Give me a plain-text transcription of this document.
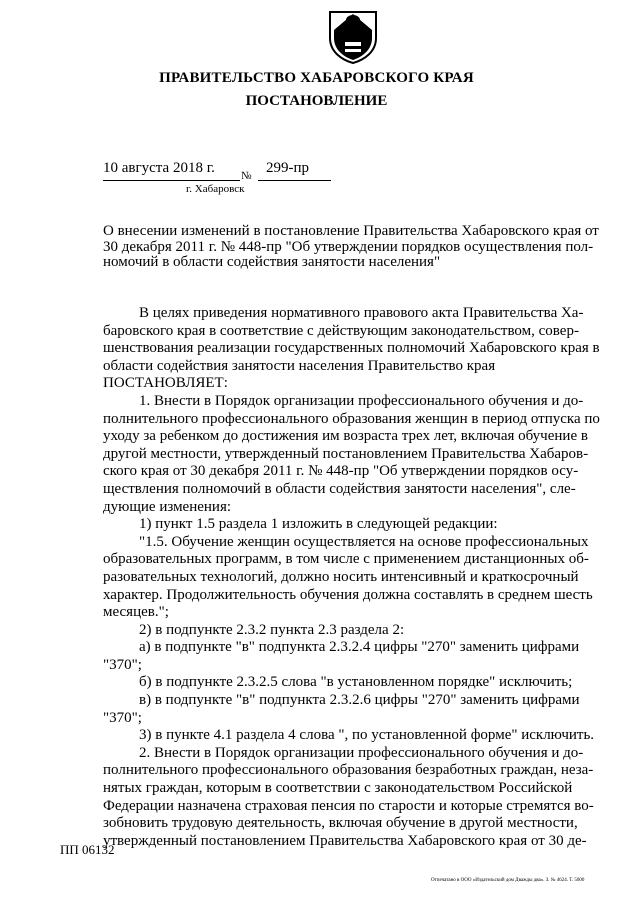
ПРАВИТЕЛЬСТВО ХАБАРОВСКОГО КРАЯ
ПОСТАНОВЛЕНИЕ
10 августа 2018 г. № 299-пр
г. Хабаровск
О внесении изменений в постановление Правительства Хабаровского края от
30 декабря 2011 г. № 448-пр "Об утверждении порядков осуществления пол-
номочий в области содействия занятости населения"

В целях приведения нормативного правового акта Правительства Ха-

баровского края в соответствие с действующим законодательством, совер-

шенствования реализации государственных полномочий Хабаровского края в

области содействия занятости населения Правительство края

ПОСТАНОВЛЯЕТ:

1. Внести в Порядок организации профессионального обучения и до-

полнительного профессионального образования женщин в период отпуска по

уходу за ребенком до достижения им возраста трех лет, включая обучение в

другой местности, утвержденный постановлением Правительства Хабаров-

ского края от 30 декабря 2011 г. № 448-пр "Об утверждении порядков осу-

ществления полномочий в области содействия занятости населения", сле-

дующие изменения:

1) пункт 1.5 раздела 1 изложить в следующей редакции:

"1.5. Обучение женщин осуществляется на основе профессиональных

образовательных программ, в том числе с применением дистанционных об-

разовательных технологий, должно носить интенсивный и краткосрочный

характер. Продолжительность обучения должна составлять в среднем шесть

месяцев.";

2) в подпункте 2.3.2 пункта 2.3 раздела 2:

а) в подпункте "в" подпункта 2.3.2.4 цифры "270" заменить цифрами

"370";

б) в подпункте 2.3.2.5 слова "в установленном порядке" исключить;

в) в подпункте "в" подпункта 2.3.2.6 цифры "270" заменить цифрами

"370";

3) в пункте 4.1 раздела 4 слова ", по установленной форме" исключить.

2. Внести в Порядок организации профессионального обучения и до-

полнительного профессионального образования безработных граждан, неза-

нятых граждан, которым в соответствии с законодательством Российской

Федерации назначена страховая пенсия по старости и которые стремятся во-

зобновить трудовую деятельность, включая обучение в другой местности,

утвержденный постановлением Правительства Хабаровского края от 30 де-

ПП 06132
Отпечатано в ООО «Издательский дом Дважды два». З. № 4624. Т. 5000
